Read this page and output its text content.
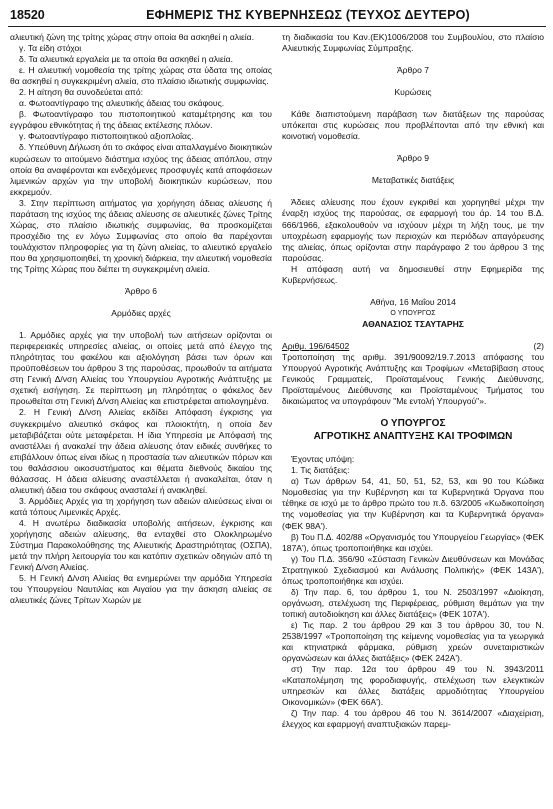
18520	ΕΦΗΜΕΡΙΣ ΤΗΣ ΚΥΒΕΡΝΗΣΕΩΣ (ΤΕΥΧΟΣ ΔΕΥΤΕΡΟ)

αλιευτική ζώνη της τρίτης χώρας στην οποία θα ασκηθεί η αλιεία.

γ. Τα είδη στόχοι

δ. Τα αλιευτικά εργαλεία με τα οποία θα ασκηθεί η αλιεία.

ε. Η αλιευτική νομοθεσία της τρίτης χώρας στα ύδατα της οποίας θα ασκηθεί η συγκεκριμένη αλιεία, στο πλαίσιο ιδιωτικής συμφωνίας.

2. Η αίτηση θα συνοδεύεται από:

α. Φωτοαντίγραφο της αλιευτικής άδειας του σκάφους.

β. Φωτοαντίγραφο του πιστοποιητικού καταμέτρησης και του εγγράφου εθνικότητας ή της άδειας εκτέλεσης πλόων.

γ. Φωτοαντίγραφο πιστοποιητικού αξιοπλοΐας.

δ. Υπεύθυνη Δήλωση ότι το σκάφος είναι απαλλαγμένο διοικητικών κυρώσεων το αιτούμενο διάστημα ισχύος της άδειας απόπλου, στην οποία θα αναφέρονται και ενδεχόμενες προσφυγές κατά αποφάσεων λιμενικών αρχών για την υποβολή διοικητικών κυρώσεων, που εκκρεμούν.

3. Στην περίπτωση αιτήματος για χορήγηση άδειας αλίευσης ή παράταση της ισχύος της άδειας αλίευσης σε αλιευτικές ζώνες Τρίτης Χώρας, στο πλαίσιο ιδιωτικής συμφωνίας, θα προσκομίζεται προσχέδιο της εν λόγω Συμφωνίας στο οποίο θα παρέχονται τουλάχιστον πληροφορίες για τη ζώνη αλιείας, το αλιευτικό εργαλείο που θα χρησιμοποιηθεί, τη χρονική διάρκεια, την αλιευτική νομοθεσία της Τρίτης Χώρας που διέπει τη συγκεκριμένη αλιεία.

Άρθρο 6

Αρμόδιες αρχές

1. Αρμόδιες αρχές για την υποβολή των αιτήσεων ορίζονται οι περιφερειακές υπηρεσίες αλιείας, οι οποίες μετά από έλεγχο της πληρότητας του φακέλου και αξιολόγηση βάσει των όρων και προϋποθέσεων του άρθρου 3 της παρούσας, προωθούν τα αιτήματα στη Γενική Δ/νση Αλιείας του Υπουργείου Αγροτικής Ανάπτυξης με σχετική εισήγηση. Σε περίπτωση μη πληρότητας ο φάκελος δεν προωθείται στη Γενική Δ/νση Αλιείας και επιστρέφεται αιτιολογημένα.

2. Η Γενική Δ/νση Αλιείας εκδίδει Απόφαση έγκρισης για συγκεκριμένο αλιευτικό σκάφος και πλοιοκτήτη, η οποία δεν μεταβιβάζεται ούτε μεταφέρεται. Η ίδια Υπηρεσία με Απόφασή της αναστέλλει ή ανακαλεί την άδεια αλίευσης όταν ειδικές συνθήκες το επιβάλλουν όπως είναι ιδίως η προστασία των αλιευτικών πόρων και του θαλάσσιου οικοσυστήματος και θέματα διεθνούς δικαίου της θάλασσας. Η άδεια αλίευσης αναστέλλεται ή ανακαλείται, όταν η αλιευτική άδεια του σκάφους ανασταλεί ή ανακληθεί.

3. Αρμόδιες Αρχές για τη χορήγηση των αδειών αλιεύσεως είναι οι κατά τόπους Λιμενικές Αρχές.

4. Η ανωτέρω διαδικασία υποβολής αιτήσεων, έγκρισης και χορήγησης αδειών αλίευσης, θα ενταχθεί στο Ολοκληρωμένο Σύστημα Παρακολούθησης της Αλιευτικής Δραστηριότητας (ΟΣΠΑ), μετά την πλήρη λειτουργία του και κατόπιν σχετικών οδηγιών από τη Γενική Δ/νση Αλιείας.

5. Η Γενική Δ/νση Αλιείας θα ενημερώνει την αρμόδια Υπηρεσία του Υπουργείου Ναυτιλίας και Αιγαίου για την άσκηση αλιείας σε αλιευτικές ζώνες Τρίτων Χωρών με

τη διαδικασία του Καν.(ΕΚ)1006/2008 του Συμβουλίου, στο πλαίσιο Αλιευτικής Συμφωνίας Σύμπραξης.

Άρθρο 7

Κυρώσεις

Κάθε διαπιστούμενη παράβαση των διατάξεων της παρούσας υπόκειται στις κυρώσεις που προβλέπονται από την εθνική και κοινοτική νομοθεσία.

Άρθρο 9

Μεταβατικές διατάξεις

Άδειες αλίευσης που έχουν εγκριθεί και χορηγηθεί μέχρι την έναρξη ισχύος της παρούσας, σε εφαρμογή του άρ. 14 του Β.Δ. 666/1966, εξακολουθούν να ισχύουν μέχρι τη λήξη τους, με την υποχρέωση εφαρμογής των περιοχών και περιόδων απαγόρευσης της αλιείας, όπως ορίζονται στην παράγραφο 2 του άρθρου 3 της παρούσας.

Η απόφαση αυτή να δημοσιευθεί στην Εφημερίδα της Κυβερνήσεως.

Αθήνα, 16 Μαΐου 2014

Ο ΥΠΟΥΡΓΟΣ

ΑΘΑΝΑΣΙΟΣ ΤΣΑΥΤΑΡΗΣ

Αριθμ. 196/64502	(2)

Τροποποίηση της αριθμ. 391/90092/19.7.2013 απόφασης του Υπουργού Αγροτικής Ανάπτυξης και Τροφίμων «Μεταβίβαση στους Γενικούς Γραμματείς, Προϊσταμένους Γενικής Διεύθυνσης, Προϊσταμένους Διεύθυνσης και Προϊσταμένους Τμήματος του δικαιώματος να υπογράφουν "Με εντολή Υπουργού"».

Ο ΥΠΟΥΡΓΟΣ

ΑΓΡΟΤΙΚΗΣ ΑΝΑΠΤΥΞΗΣ ΚΑΙ ΤΡΟΦΙΜΩΝ

Έχοντας υπόψη:

1. Τις διατάξεις:

α) Των άρθρων 54, 41, 50, 51, 52, 53, και 90 του Κώδικα Νομοθεσίας για την Κυβέρνηση και τα Κυβερνητικά Όργανα που τέθηκε σε ισχύ με το άρθρο πρώτο του π.δ. 63/2005 «Κωδικοποίηση της νομοθεσίας για την Κυβέρνηση και τα Κυβερνητικά όργανα» (ΦΕΚ 98Α').

β) Του Π.Δ. 402/88 «Οργανισμός του Υπουργείου Γεωργίας» (ΦΕΚ 187Α'), όπως τροποποιήθηκε και ισχύει.

γ) Του Π.Δ. 356/90 «Σύσταση Γενικών Διευθύνσεων και Μονάδας Στρατηγικού Σχεδιασμού και Ανάλυσης Πολιτικής» (ΦΕΚ 143Α'), όπως τροποποιήθηκε και ισχύει.

δ) Την παρ. 6, του άρθρου 1, του Ν. 2503/1997 «Διοίκηση, οργάνωση, στελέχωση της Περιφέρειας, ρύθμιση θεμάτων για την τοπική αυτοδιοίκηση και άλλες διατάξεις» (ΦΕΚ 107Α').

ε) Τις παρ. 2 του άρθρου 29 και 3 του άρθρου 30, του Ν. 2538/1997 «Τροποποίηση της κείμενης νομοθεσίας για τα γεωργικά και κτηνιατρικά φάρμακα, ρύθμιση χρεών συνεταιριστικών οργανώσεων και άλλες διατάξεις» (ΦΕΚ 242Α').

στ) Την παρ. 12α του άρθρου 49 του Ν. 3943/2011 «Καταπολέμηση της φοροδιαφυγής, στελέχωση των ελεγκτικών υπηρεσιών και άλλες διατάξεις αρμοδιότητας Υπουργείου Οικονομικών» (ΦΕΚ 66Α').

ζ) Την παρ. 4 του άρθρου 46 του Ν. 3614/2007 «Διαχείριση, έλεγχος και εφαρμογή αναπτυξιακών παρεμ-
